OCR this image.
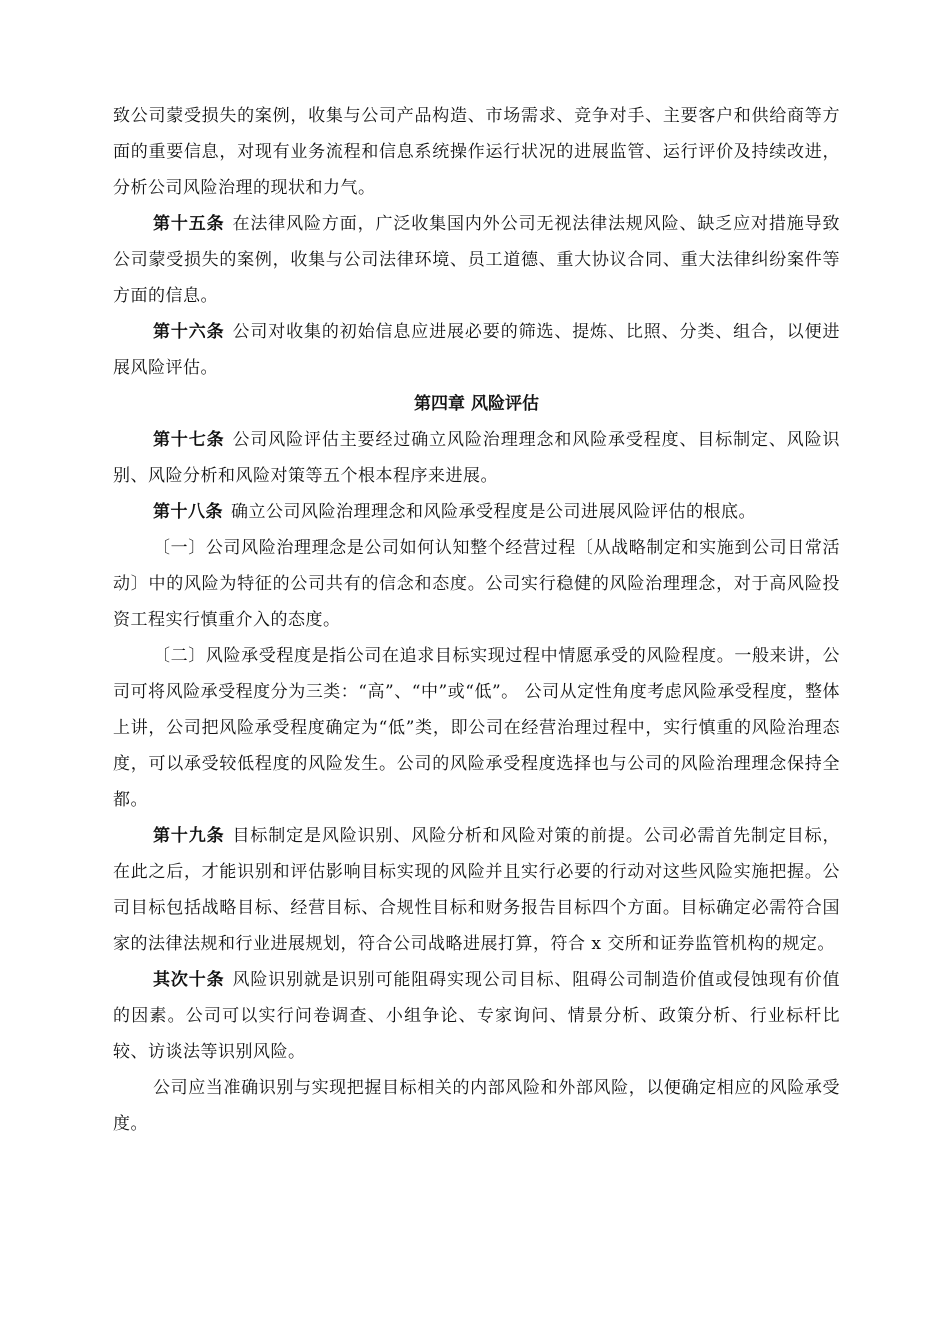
致公司蒙受损失的案例，收集与公司产品构造、市场需求、竞争对手、主要客户和供给商等方面的重要信息，对现有业务流程和信息系统操作运行状况的进展监管、运行评价及持续改进，分析公司风险治理的现状和力气。

第十五条 在法律风险方面，广泛收集国内外公司无视法律法规风险、缺乏应对措施导致公司蒙受损失的案例，收集与公司法律环境、员工道德、重大协议合同、重大法律纠纷案件等方面的信息。

第十六条 公司对收集的初始信息应进展必要的筛选、提炼、比照、分类、组合，以便进展风险评估。

第四章 风险评估

第十七条 公司风险评估主要经过确立风险治理理念和风险承受程度、目标制定、风险识别、风险分析和风险对策等五个根本程序来进展。

第十八条 确立公司风险治理理念和风险承受程度是公司进展风险评估的根底。

〔一〕公司风险治理理念是公司如何认知整个经营过程〔从战略制定和实施到公司日常活动〕中的风险为特征的公司共有的信念和态度。公司实行稳健的风险治理理念，对于高风险投资工程实行慎重介入的态度。

〔二〕风险承受程度是指公司在追求目标实现过程中情愿承受的风险程度。一般来讲，公司可将风险承受程度分为三类：“高”、“中”或“低”。 公司从定性角度考虑风险承受程度，整体上讲，公司把风险承受程度确定为“低”类，即公司在经营治理过程中，实行慎重的风险治理态度，可以承受较低程度的风险发生。公司的风险承受程度选择也与公司的风险治理理念保持全都。

第十九条 目标制定是风险识别、风险分析和风险对策的前提。公司必需首先制定目标，在此之后，才能识别和评估影响目标实现的风险并且实行必要的行动对这些风险实施把握。公司目标包括战略目标、经营目标、合规性目标和财务报告目标四个方面。目标确定必需符合国家的法律法规和行业进展规划，符合公司战略进展打算，符合 x 交所和证券监管机构的规定。

其次十条 风险识别就是识别可能阻碍实现公司目标、阻碍公司制造价值或侵蚀现有价值的因素。公司可以实行问卷调查、小组争论、专家询问、情景分析、政策分析、行业标杆比较、访谈法等识别风险。

公司应当准确识别与实现把握目标相关的内部风险和外部风险，以便确定相应的风险承受度。
